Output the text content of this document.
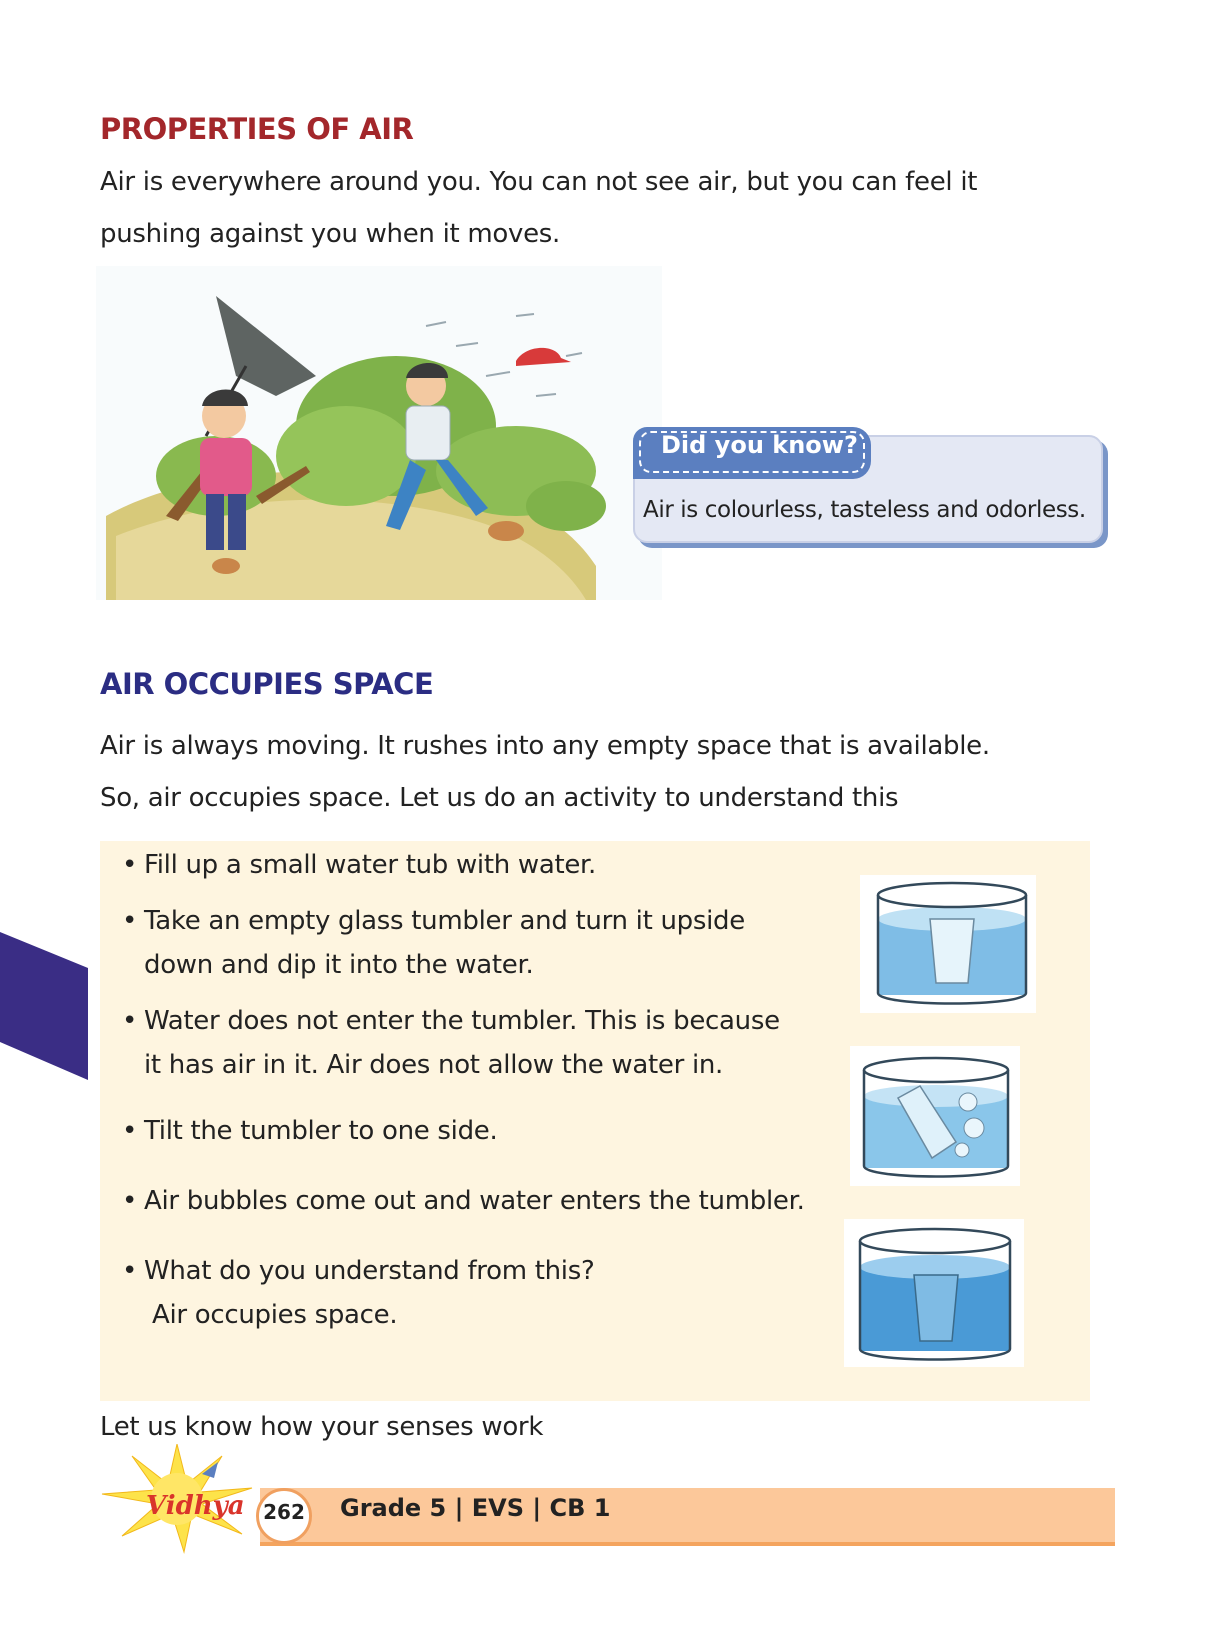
PROPERTIES OF AIR
Air is everywhere around you. You can not see air, but you can feel it
pushing against you when it moves.
Did you know?
Air is colourless, tasteless and odorless.
AIR OCCUPIES SPACE
Air is always moving. It rushes into any empty space that is available.
So, air occupies space. Let us do an activity to understand this
• Fill up a small water tub with water.
• Take an empty glass tumbler and turn it upside
down and dip it into the water.
• Water does not enter the tumbler. This is because
it has air in it. Air does not allow the water in.
• Tilt the tumbler to one side.
• Air bubbles come out and water enters the tumbler.
• What do you understand from this?
Air occupies space.
Let us know how your senses work
Grade 5 | EVS | CB 1
262
Vidhya
